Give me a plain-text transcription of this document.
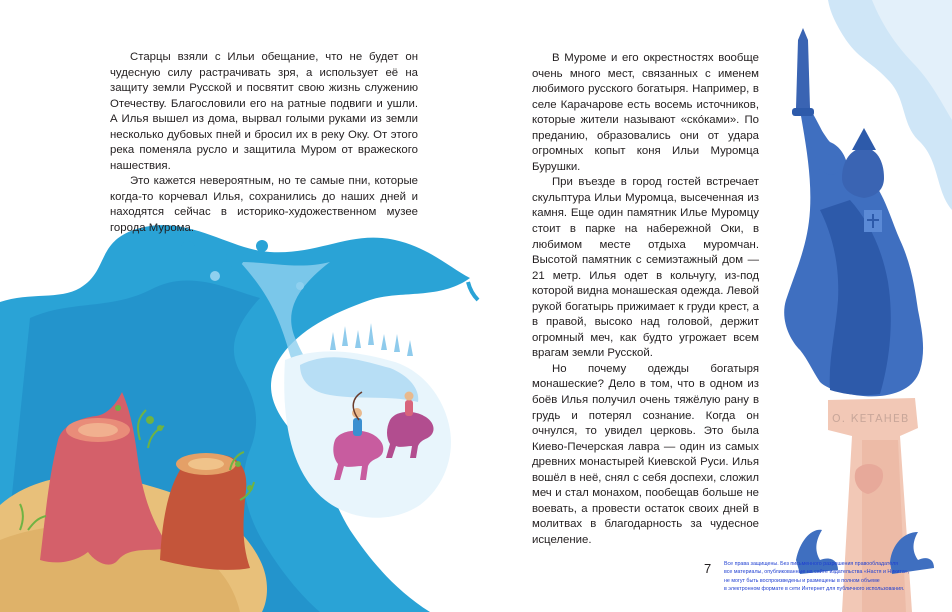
О. КЕТАНЕВ

Старцы взяли с Ильи обещание, что не будет он чудесную силу растрачивать зря, а использует её на защиту земли Русской и посвятит свою жизнь служению Отечеству. Благословили его на ратные подвиги и ушли. А Илья вышел из дома, вырвал голыми руками из земли несколько дубовых пней и бросил их в реку Оку. От этого река поменяла русло и защитила Муром от вражеского нашествия.

Это кажется невероятным, но те самые пни, которые когда-то корчевал Илья, сохранились до наших дней и находятся сейчас в историко-художественном музее города Мурома.

В Муроме и его окрестностях вообще очень много мест, связанных с именем любимого русского богатыря. Например, в селе Карачарове есть восемь источников, которые жители называют «ско́ками». По преданию, образовались они от удара огромных копыт коня Ильи Муромца Бурушки.

При въезде в город гостей встречает скульптура Ильи Муромца, высеченная из камня. Еще один памятник Илье Муромцу стоит в парке на набережной Оки, в любимом месте отдыха муромчан. Высотой памятник с семиэтажный дом — 21 метр. Илья одет в кольчугу, из-под которой видна монашеская одежда. Левой рукой богатырь прижимает к груди крест, а в правой, высоко над головой, держит огромный меч, как будто угрожает всем врагам земли Русской.

Но почему одежды богатыря монашеские? Дело в том, что в одном из боёв Илья получил очень тяжёлую рану в грудь и потерял сознание. Когда он очнулся, то увидел церковь. Это была Киево-Печерская лавра — один из самых древних монастырей Киевской Руси. Илья вошёл в неё, снял с себя доспехи, сложил меч и стал монахом, пообещав больше не воевать, а провести остаток своих дней в молитвах в благодарность за чудесное исцеление.

7 Все права защищены. Без письменного разрешения правообладателя
все материалы, опубликованные на сайте издательства «Настя и Никита»,
не могут быть воспроизведены и размещены в полном объеме
в электронном формате в сети Интернет для публичного использования.
